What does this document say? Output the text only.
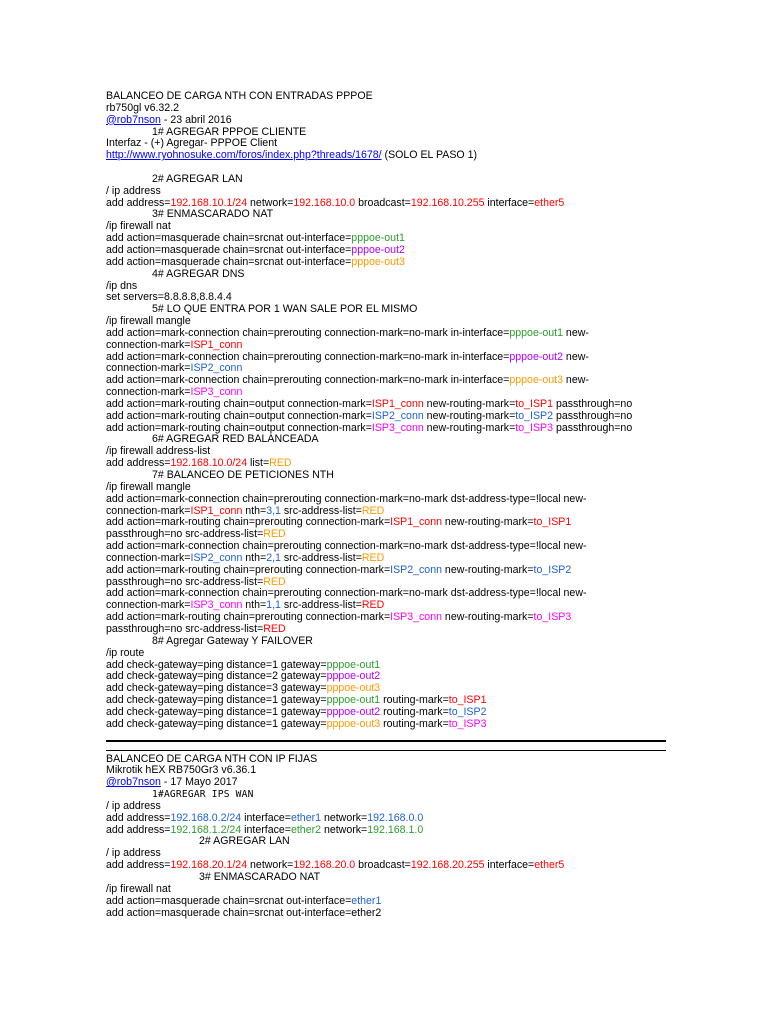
BALANCEO DE CARGA NTH CON ENTRADAS PPPOE
rb750gl v6.32.2
@rob7nson - 23 abril 2016
1# AGREGAR PPPOE CLIENTE
Interfaz - (+) Agregar- PPPOE Client
http://www.ryohnosuke.com/foros/index.php?threads/1678/ (SOLO EL PASO 1)

2# AGREGAR LAN
/ ip address
add address=192.168.10.1/24 network=192.168.10.0 broadcast=192.168.10.255 interface=ether5
3# ENMASCARADO NAT
/ip firewall nat
add action=masquerade chain=srcnat out-interface=pppoe-out1
add action=masquerade chain=srcnat out-interface=pppoe-out2
add action=masquerade chain=srcnat out-interface=pppoe-out3
4# AGREGAR DNS
/ip dns
set servers=8.8.8.8,8.8.4.4
5# LO QUE ENTRA POR 1 WAN SALE POR EL MISMO
/ip firewall mangle
add action=mark-connection chain=prerouting connection-mark=no-mark in-interface=pppoe-out1 new-connection-mark=ISP1_conn
add action=mark-connection chain=prerouting connection-mark=no-mark in-interface=pppoe-out2 new-connection-mark=ISP2_conn
add action=mark-connection chain=prerouting connection-mark=no-mark in-interface=pppoe-out3 new-connection-mark=ISP3_conn
add action=mark-routing chain=output connection-mark=ISP1_conn new-routing-mark=to_ISP1 passthrough=no
add action=mark-routing chain=output connection-mark=ISP2_conn new-routing-mark=to_ISP2 passthrough=no
add action=mark-routing chain=output connection-mark=ISP3_conn new-routing-mark=to_ISP3 passthrough=no
6# AGREGAR RED BALANCEADA
/ip firewall address-list
add address=192.168.10.0/24 list=RED
7# BALANCEO DE PETICIONES NTH
/ip firewall mangle
add action=mark-connection chain=prerouting connection-mark=no-mark dst-address-type=!local new-connection-mark=ISP1_conn nth=3,1 src-address-list=RED
add action=mark-routing chain=prerouting connection-mark=ISP1_conn new-routing-mark=to_ISP1 passthrough=no src-address-list=RED
add action=mark-connection chain=prerouting connection-mark=no-mark dst-address-type=!local new-connection-mark=ISP2_conn nth=2,1 src-address-list=RED
add action=mark-routing chain=prerouting connection-mark=ISP2_conn new-routing-mark=to_ISP2 passthrough=no src-address-list=RED
add action=mark-connection chain=prerouting connection-mark=no-mark dst-address-type=!local new-connection-mark=ISP3_conn nth=1,1 src-address-list=RED
add action=mark-routing chain=prerouting connection-mark=ISP3_conn new-routing-mark=to_ISP3 passthrough=no src-address-list=RED
8# Agregar Gateway Y FAILOVER
/ip route
add check-gateway=ping distance=1 gateway=pppoe-out1
add check-gateway=ping distance=2 gateway=pppoe-out2
add check-gateway=ping distance=3 gateway=pppoe-out3
add check-gateway=ping distance=1 gateway=pppoe-out1 routing-mark=to_ISP1
add check-gateway=ping distance=1 gateway=pppoe-out2 routing-mark=to_ISP2
add check-gateway=ping distance=1 gateway=pppoe-out3 routing-mark=to_ISP3
BALANCEO DE CARGA NTH CON IP FIJAS
Mikrotik hEX RB750Gr3 v6.36.1
@rob7nson - 17 Mayo 2017
1#AGREGAR IPS WAN
/ ip address
add address=192.168.0.2/24 interface=ether1 network=192.168.0.0
add address=192.168.1.2/24 interface=ether2 network=192.168.1.0
2# AGREGAR LAN
/ ip address
add address=192.168.20.1/24 network=192.168.20.0 broadcast=192.168.20.255 interface=ether5
3# ENMASCARADO NAT
/ip firewall nat
add action=masquerade chain=srcnat out-interface=ether1
add action=masquerade chain=srcnat out-interface=ether2
